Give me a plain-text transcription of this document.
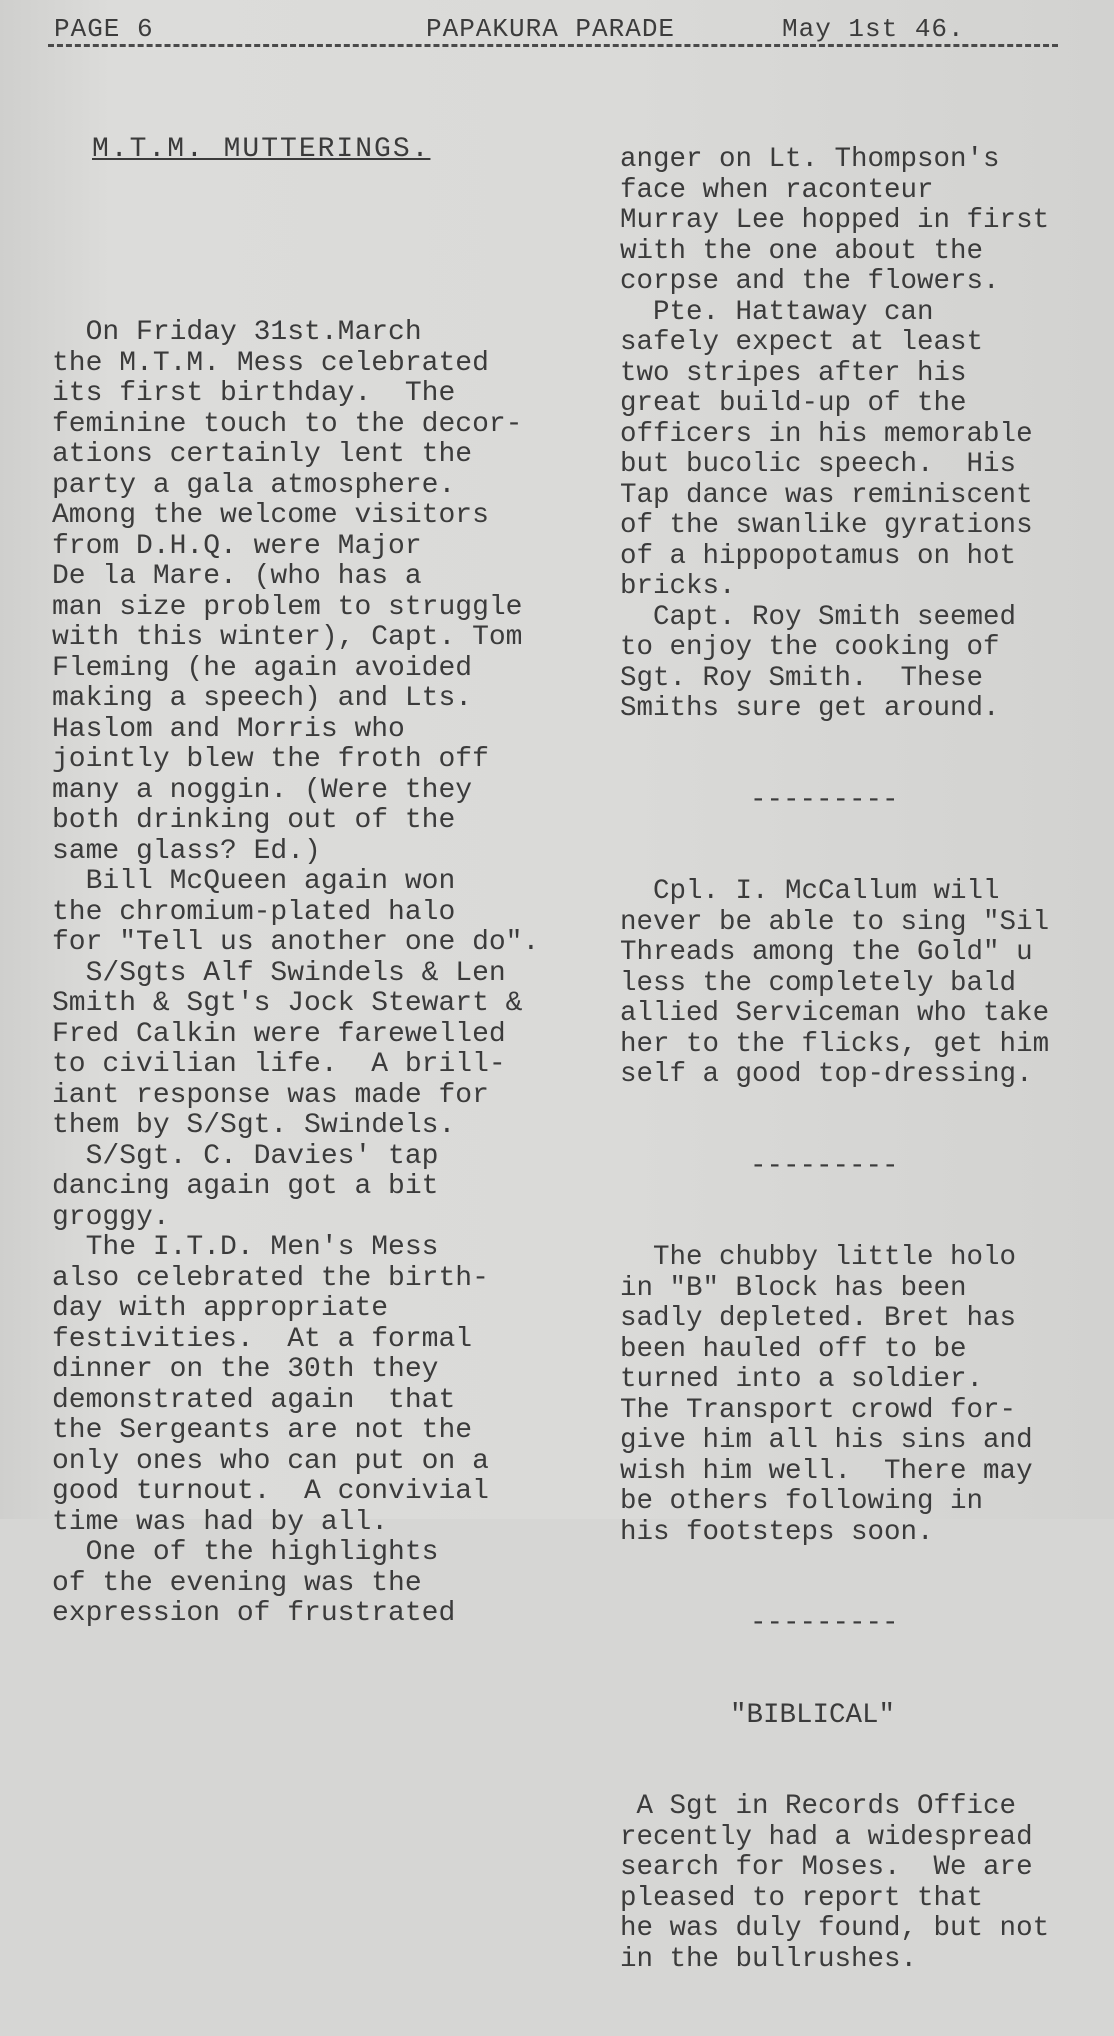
PAGE 6	PAPAKURA PARADE	May 1st 46.

M.T.M. MUTTERINGS.

On Friday 31st.March
the M.T.M. Mess celebrated
its first birthday.  The
feminine touch to the decor-
ations certainly lent the
party a gala atmosphere.
Among the welcome visitors
from D.H.Q. were Major
De la Mare. (who has a
man size problem to struggle
with this winter), Capt. Tom
Fleming (he again avoided
making a speech) and Lts.
Haslom and Morris who
jointly blew the froth off
many a noggin. (Were they
both drinking out of the
same glass? Ed.)
Bill McQueen again won
the chromium-plated halo
for "Tell us another one do".
S/Sgts Alf Swindels & Len
Smith & Sgt's Jock Stewart &
Fred Calkin were farewelled
to civilian life.  A brill-
iant response was made for
them by S/Sgt. Swindels.
S/Sgt. C. Davies' tap
dancing again got a bit
groggy.
The I.T.D. Men's Mess
also celebrated the birth-
day with appropriate
festivities.  At a formal
dinner on the 30th they
demonstrated again  that
the Sergeants are not the
only ones who can put on a
good turnout.  A convivial
time was had by all.
One of the highlights
of the evening was the
expression of frustrated

anger on Lt. Thompson's
face when raconteur
Murray Lee hopped in first
with the one about the
corpse and the flowers.
Pte. Hattaway can
safely expect at least
two stripes after his
great build-up of the
officers in his memorable
but bucolic speech.  His
Tap dance was reminiscent
of the swanlike gyrations
of a hippopotamus on hot
bricks.
Capt. Roy Smith seemed
to enjoy the cooking of
Sgt. Roy Smith.  These
Smiths sure get around.

---------

Cpl. I. McCallum will
never be able to sing "Sil
Threads among the Gold" u
less the completely bald
allied Serviceman who take
her to the flicks, get him
self a good top-dressing.

---------

The chubby little holo
in "B" Block has been
sadly depleted. Bret has
been hauled off to be
turned into a soldier.
The Transport crowd for-
give him all his sins and
wish him well.  There may
be others following in
his footsteps soon.

---------

"BIBLICAL"

A Sgt in Records Office
recently had a widespread
search for Moses.  We are
pleased to report that
he was duly found, but not
in the bullrushes.
